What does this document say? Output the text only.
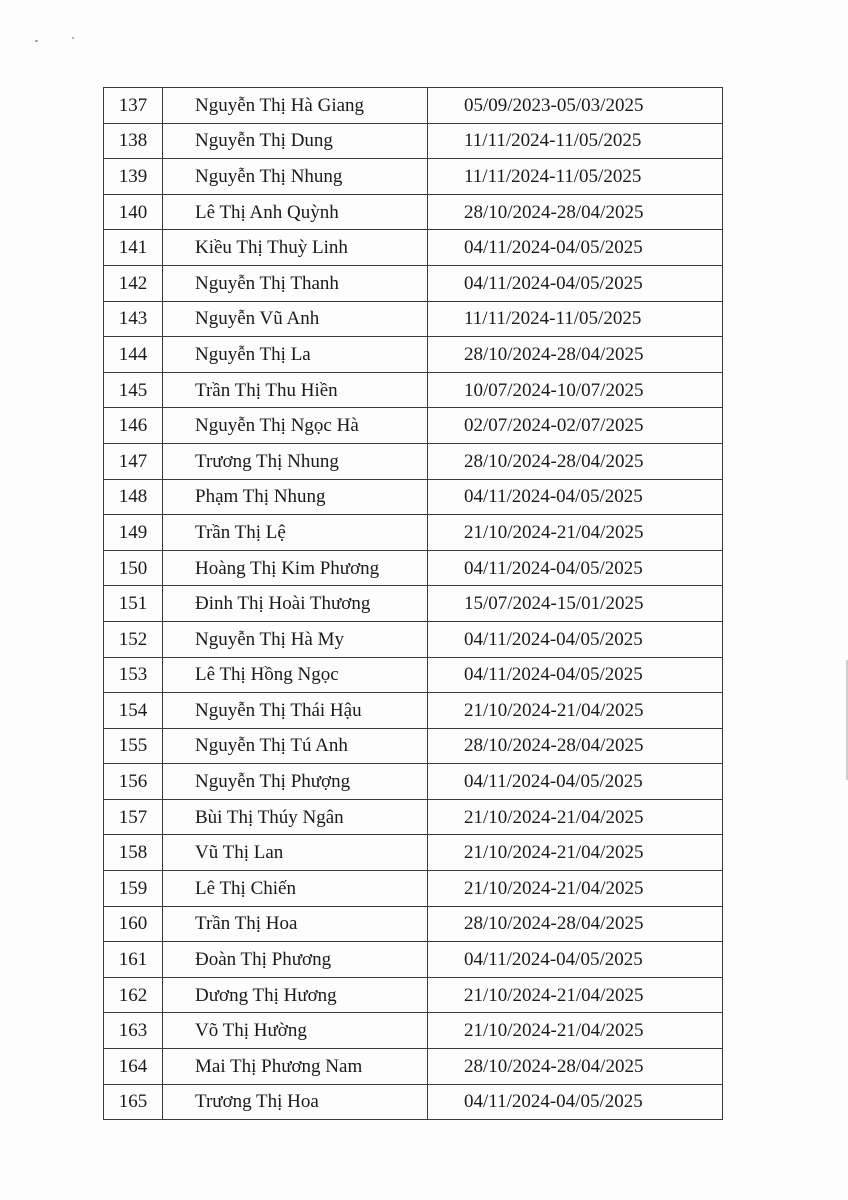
137	Nguyễn Thị Hà Giang	05/09/2023-05/03/2025
138	Nguyễn Thị Dung	11/11/2024-11/05/2025
139	Nguyễn Thị Nhung	11/11/2024-11/05/2025
140	Lê Thị Anh Quỳnh	28/10/2024-28/04/2025
141	Kiều Thị Thuỳ Linh	04/11/2024-04/05/2025
142	Nguyễn Thị Thanh	04/11/2024-04/05/2025
143	Nguyễn Vũ Anh	11/11/2024-11/05/2025
144	Nguyễn Thị La	28/10/2024-28/04/2025
145	Trần Thị Thu Hiền	10/07/2024-10/07/2025
146	Nguyễn Thị Ngọc Hà	02/07/2024-02/07/2025
147	Trương Thị Nhung	28/10/2024-28/04/2025
148	Phạm Thị Nhung	04/11/2024-04/05/2025
149	Trần Thị Lệ	21/10/2024-21/04/2025
150	Hoàng Thị Kim Phương	04/11/2024-04/05/2025
151	Đinh Thị Hoài Thương	15/07/2024-15/01/2025
152	Nguyễn Thị Hà My	04/11/2024-04/05/2025
153	Lê Thị Hồng Ngọc	04/11/2024-04/05/2025
154	Nguyễn Thị Thái Hậu	21/10/2024-21/04/2025
155	Nguyễn Thị Tú Anh	28/10/2024-28/04/2025
156	Nguyễn Thị Phượng	04/11/2024-04/05/2025
157	Bùi Thị Thúy Ngân	21/10/2024-21/04/2025
158	Vũ Thị Lan	21/10/2024-21/04/2025
159	Lê Thị Chiến	21/10/2024-21/04/2025
160	Trần Thị Hoa	28/10/2024-28/04/2025
161	Đoàn Thị Phương	04/11/2024-04/05/2025
162	Dương Thị Hương	21/10/2024-21/04/2025
163	Võ Thị Hường	21/10/2024-21/04/2025
164	Mai Thị Phương Nam	28/10/2024-28/04/2025
165	Trương Thị Hoa	04/11/2024-04/05/2025
